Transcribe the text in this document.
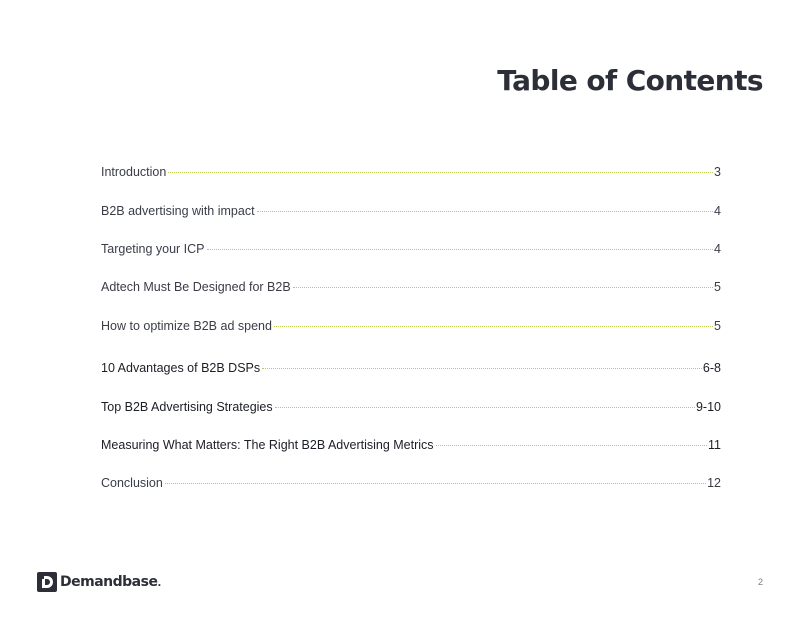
Table of Contents
Introduction	3
B2B advertising with impact	4
Targeting your ICP	4
Adtech Must Be Designed for B2B	5
How to optimize B2B ad spend	5
10 Advantages of B2B DSPs	6-8
Top B2B Advertising Strategies	9-10
Measuring What Matters: The Right B2B Advertising Metrics	11
Conclusion	12
Demandbase.	2
